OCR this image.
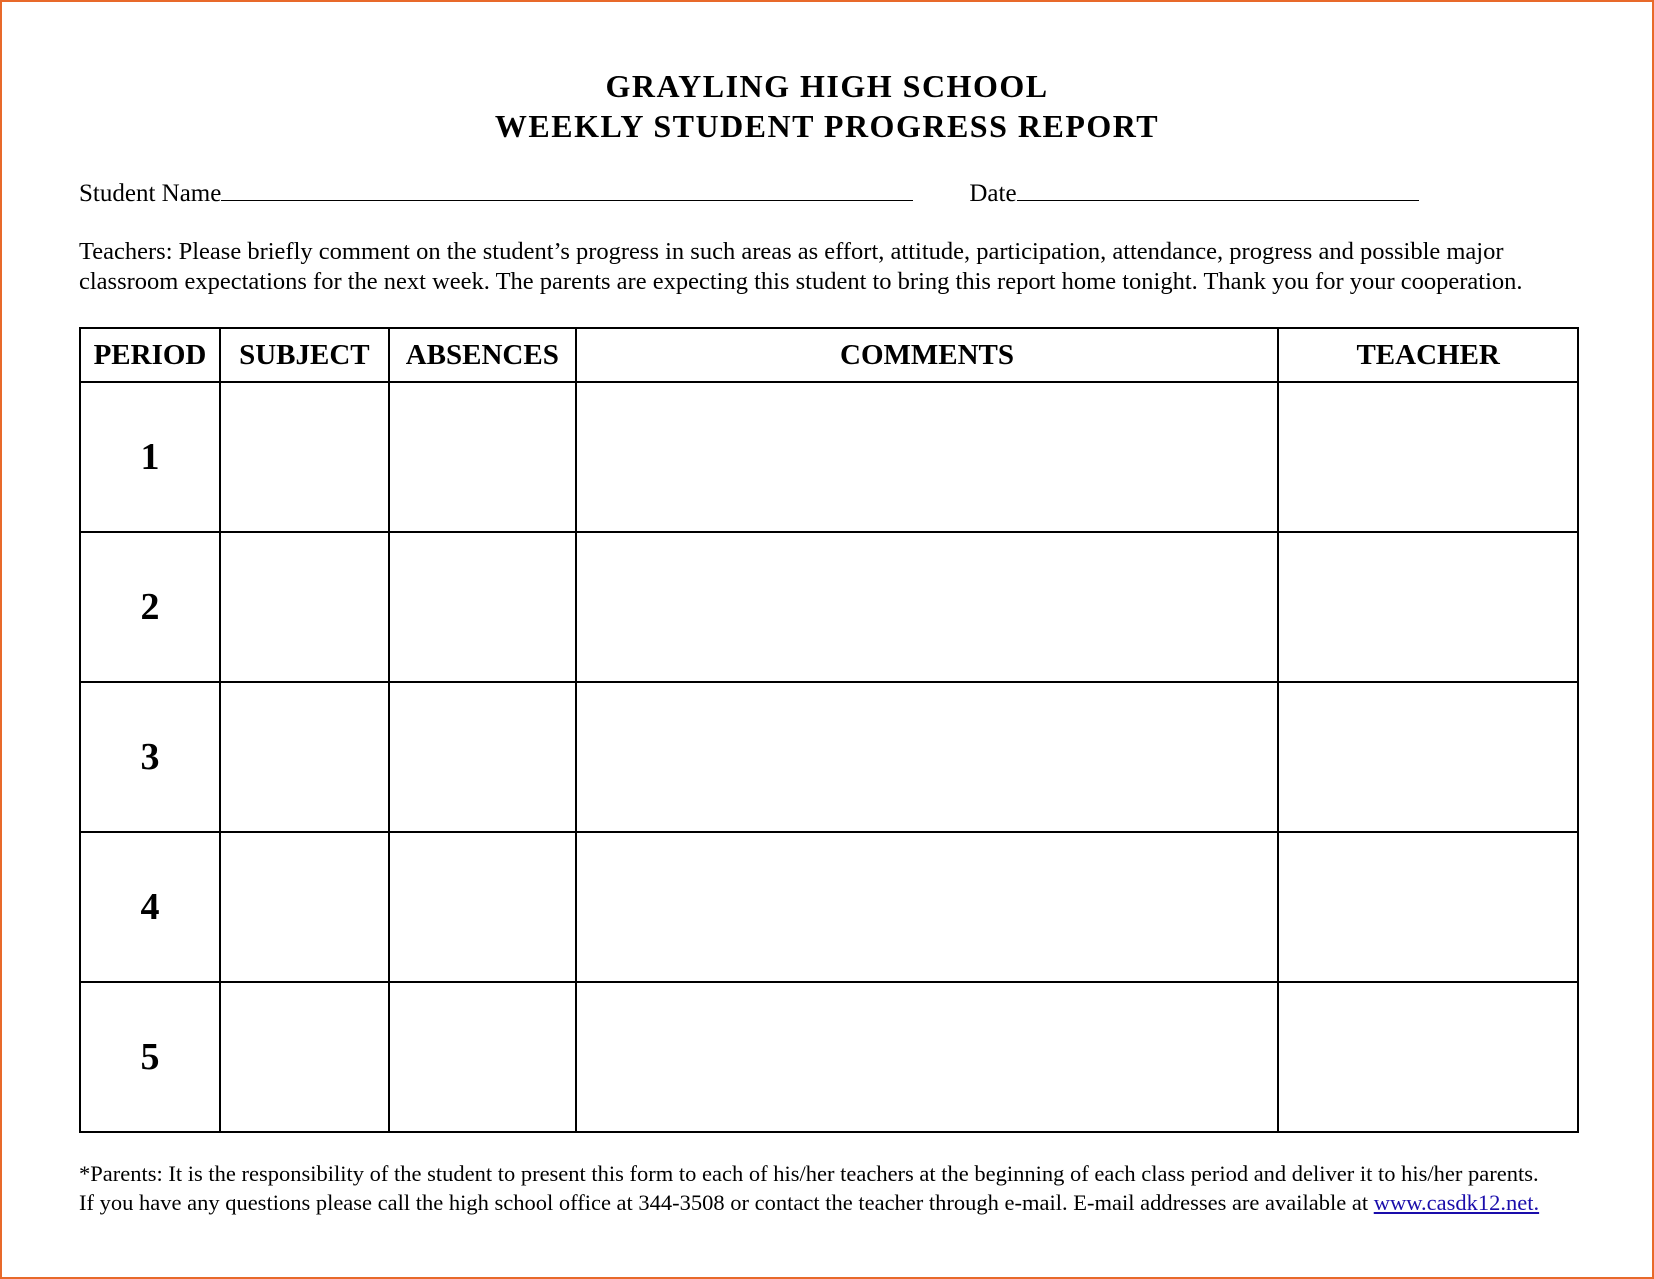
GRAYLING HIGH SCHOOL
WEEKLY STUDENT PROGRESS REPORT
Student Name	Date
Teachers: Please briefly comment on the student’s progress in such areas as effort, attitude, participation, attendance, progress and possible major classroom expectations for the next week. The parents are expecting this student to bring this report home tonight. Thank you for your cooperation.
PERIOD	SUBJECT	ABSENCES	COMMENTS	TEACHER
1				
2				
3				
4				
5				
*Parents: It is the responsibility of the student to present this form to each of his/her teachers at the beginning of each class period and deliver it to his/her parents.
If you have any questions please call the high school office at 344-3508 or contact the teacher through e-mail. E-mail addresses are available at www.casdk12.net.
